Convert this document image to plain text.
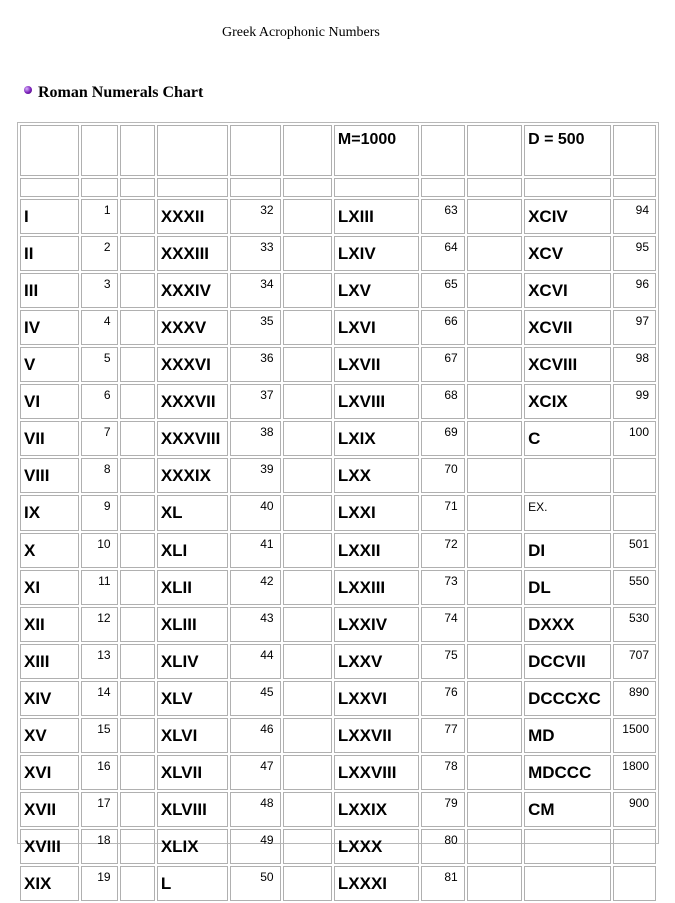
Greek Acrophonic Numbers
Roman Numerals Chart
						M=1000			D = 500	

I	1		XXXII	32		LXIII	63		XCIV	94
II	2		XXXIII	33		LXIV	64		XCV	95
III	3		XXXIV	34		LXV	65		XCVI	96
IV	4		XXXV	35		LXVI	66		XCVII	97
V	5		XXXVI	36		LXVII	67		XCVIII	98
VI	6		XXXVII	37		LXVIII	68		XCIX	99
VII	7		XXXVIII	38		LXIX	69		C	100
VIII	8		XXXIX	39		LXX	70			
IX	9		XL	40		LXXI	71		EX.	
X	10		XLI	41		LXXII	72		DI	501
XI	11		XLII	42		LXXIII	73		DL	550
XII	12		XLIII	43		LXXIV	74		DXXX	530
XIII	13		XLIV	44		LXXV	75		DCCVII	707
XIV	14		XLV	45		LXXVI	76		DCCCXC	890
XV	15		XLVI	46		LXXVII	77		MD	1500
XVI	16		XLVII	47		LXXVIII	78		MDCCC	1800
XVII	17		XLVIII	48		LXXIX	79		CM	900
XVIII	18		XLIX	49		LXXX	80			
XIX	19		L	50		LXXXI	81			
